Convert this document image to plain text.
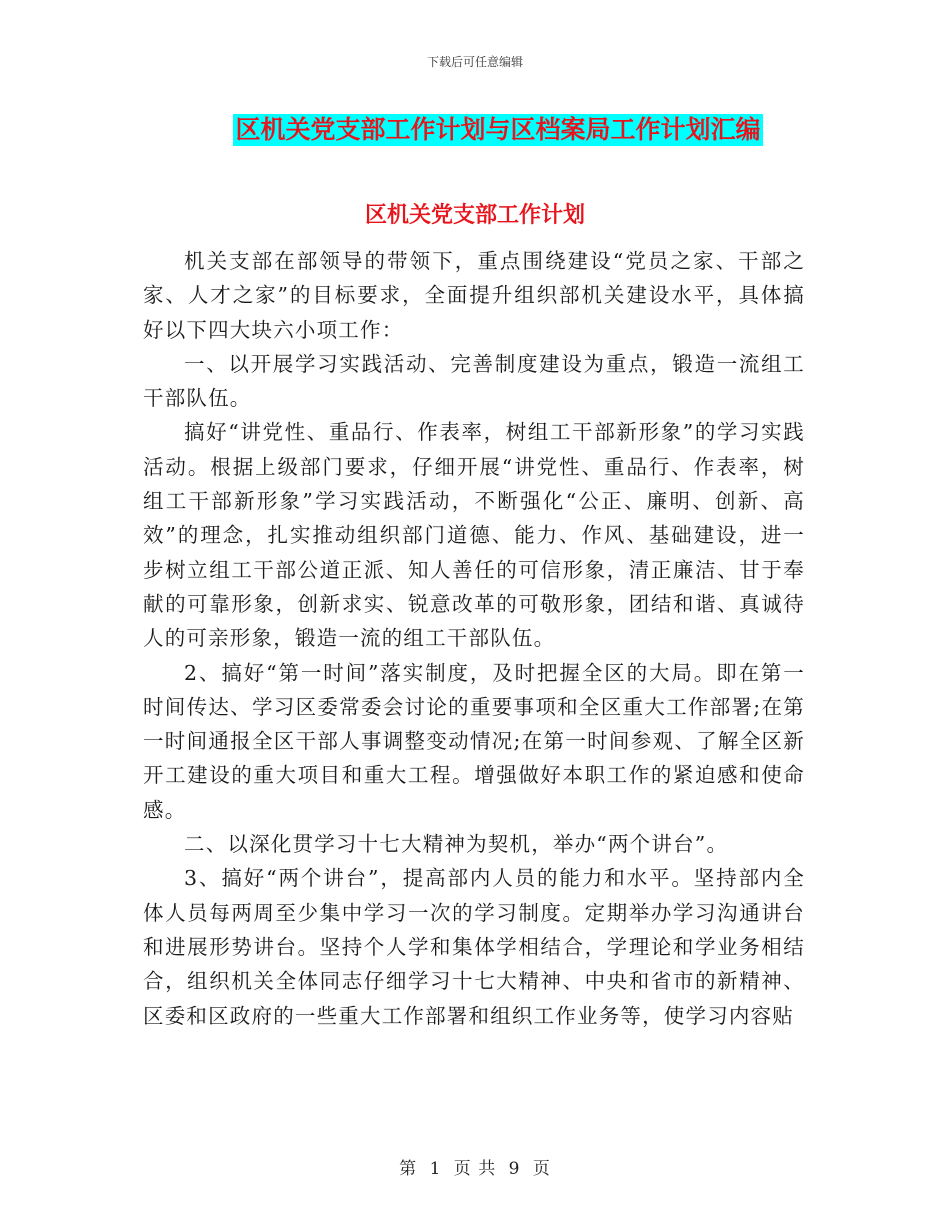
下载后可任意编辑
区机关党支部工作计划与区档案局工作计划汇编
区机关党支部工作计划

机关支部在部领导的带领下，重点围绕建设“党员之家、干部之家、人才之家”的目标要求，全面提升组织部机关建设水平，具体搞好以下四大块六小项工作：

一、以开展学习实践活动、完善制度建设为重点，锻造一流组工干部队伍。

搞好“讲党性、重品行、作表率，树组工干部新形象”的学习实践活动。根据上级部门要求，仔细开展“讲党性、重品行、作表率，树组工干部新形象”学习实践活动，不断强化“公正、廉明、创新、高效”的理念，扎实推动组织部门道德、能力、作风、基础建设，进一步树立组工干部公道正派、知人善任的可信形象，清正廉洁、甘于奉献的可靠形象，创新求实、锐意改革的可敬形象，团结和谐、真诚待人的可亲形象，锻造一流的组工干部队伍。

2、搞好“第一时间”落实制度，及时把握全区的大局。即在第一时间传达、学习区委常委会讨论的重要事项和全区重大工作部署;在第一时间通报全区干部人事调整变动情况;在第一时间参观、了解全区新开工建设的重大项目和重大工程。增强做好本职工作的紧迫感和使命感。

二、以深化贯学习十七大精神为契机，举办“两个讲台”。

3、搞好“两个讲台”，提高部内人员的能力和水平。坚持部内全体人员每两周至少集中学习一次的学习制度。定期举办学习沟通讲台和进展形势讲台。坚持个人学和集体学相结合，学理论和学业务相结合，组织机关全体同志仔细学习十七大精神、中央和省市的新精神、区委和区政府的一些重大工作部署和组织工作业务等，使学习内容贴

第 1 页 共 9 页
